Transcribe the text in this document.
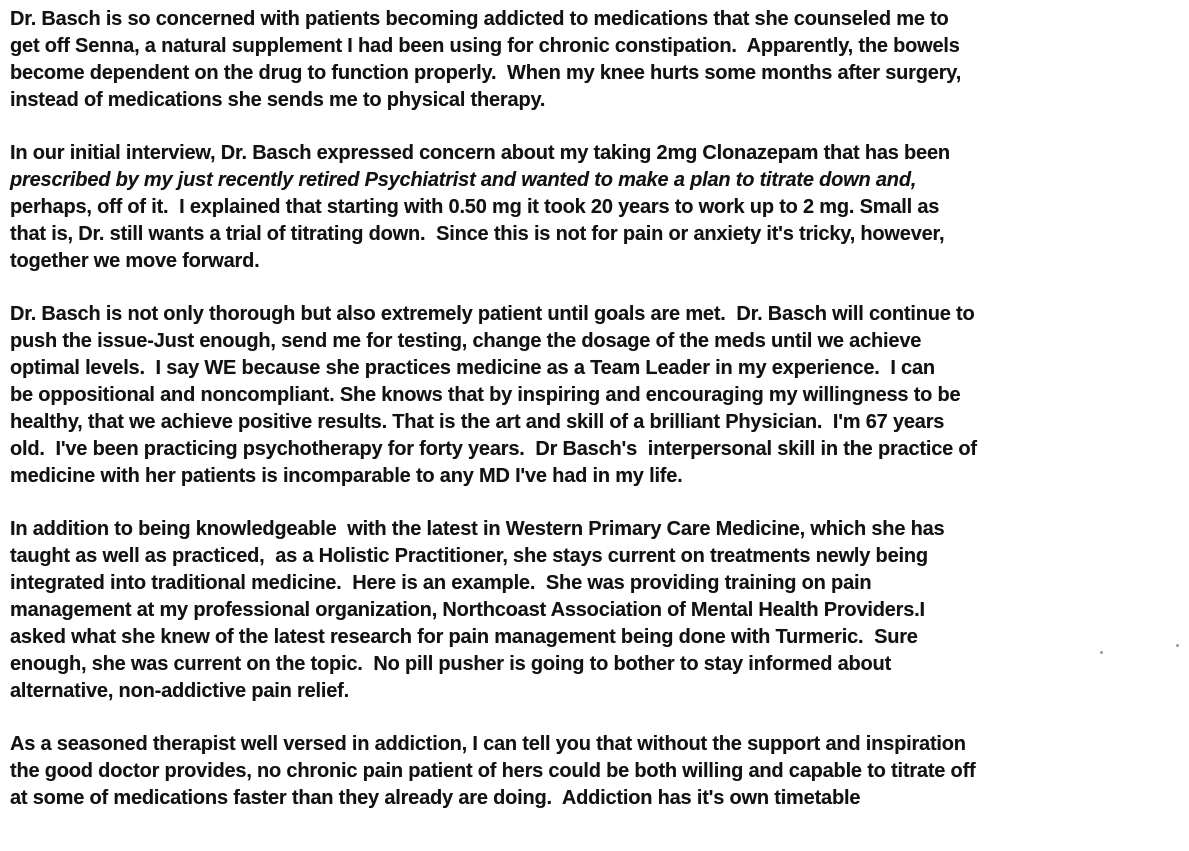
Dr. Basch is so concerned with patients becoming addicted to medications that she counseled me to
get off Senna, a natural supplement I had been using for chronic constipation.  Apparently, the bowels
become dependent on the drug to function properly.  When my knee hurts some months after surgery,
instead of medications she sends me to physical therapy.
In our initial interview, Dr. Basch expressed concern about my taking 2mg Clonazepam that has been
prescribed by my just recently retired Psychiatrist and wanted to make a plan to titrate down and,
perhaps, off of it.  I explained that starting with 0.50 mg it took 20 years to work up to 2 mg. Small as
that is, Dr. still wants a trial of titrating down.  Since this is not for pain or anxiety it's tricky, however,
together we move forward.
Dr. Basch is not only thorough but also extremely patient until goals are met.  Dr. Basch will continue to
push the issue-Just enough, send me for testing, change the dosage of the meds until we achieve
optimal levels.  I say WE because she practices medicine as a Team Leader in my experience.  I can
be oppositional and noncompliant. She knows that by inspiring and encouraging my willingness to be
healthy, that we achieve positive results. That is the art and skill of a brilliant Physician.  I'm 67 years
old.  I've been practicing psychotherapy for forty years.  Dr Basch's  interpersonal skill in the practice of
medicine with her patients is incomparable to any MD I've had in my life.
In addition to being knowledgeable  with the latest in Western Primary Care Medicine, which she has
taught as well as practiced,  as a Holistic Practitioner, she stays current on treatments newly being
integrated into traditional medicine.  Here is an example.  She was providing training on pain
management at my professional organization, Northcoast Association of Mental Health Providers.I
asked what she knew of the latest research for pain management being done with Turmeric.  Sure
enough, she was current on the topic.  No pill pusher is going to bother to stay informed about
alternative, non-addictive pain relief.
As a seasoned therapist well versed in addiction, I can tell you that without the support and inspiration
the good doctor provides, no chronic pain patient of hers could be both willing and capable to titrate off
at some of medications faster than they already are doing.  Addiction has it's own timetable
